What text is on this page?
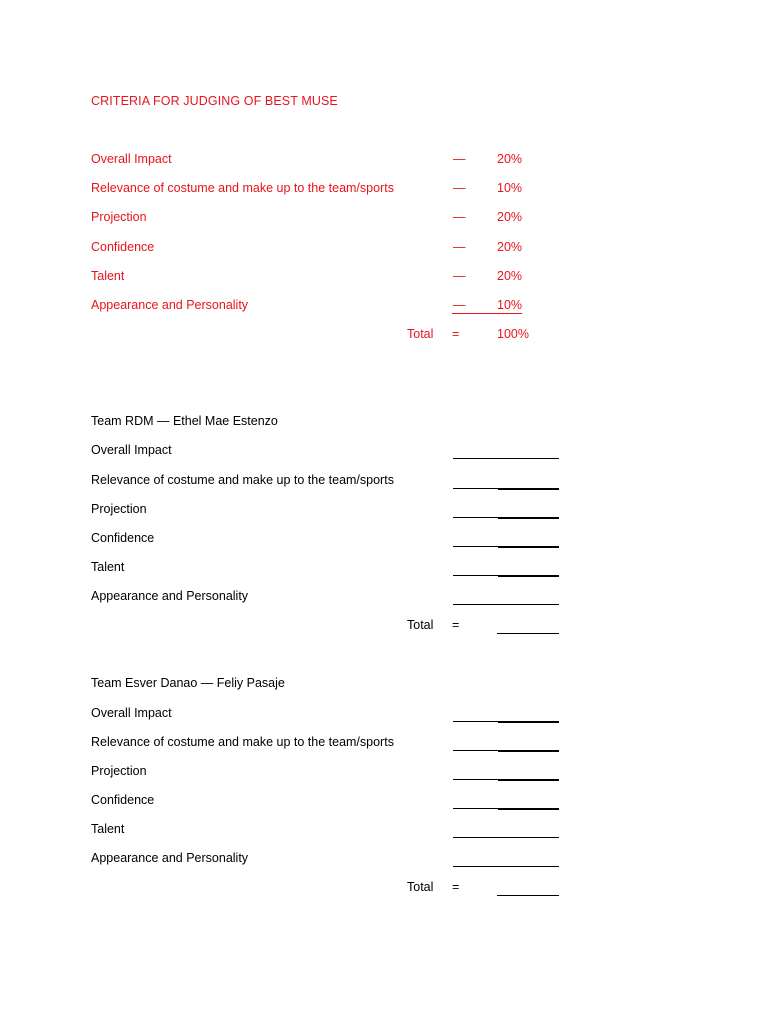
CRITERIA FOR JUDGING OF BEST MUSE
Overall Impact	—	20%
Relevance of costume and make up to the team/sports	—	10%
Projection	—	20%
Confidence	—	20%
Talent	—	20%
Appearance and Personality	—	10%
Total =	100%
Team RDM — Ethel Mae Estenzo
Overall Impact
Relevance of costume and make up to the team/sports
Projection
Confidence
Talent
Appearance and Personality
Total =
Team Esver Danao — Feliy Pasaje
Overall Impact
Relevance of costume and make up to the team/sports
Projection
Confidence
Talent
Appearance and Personality
Total =
